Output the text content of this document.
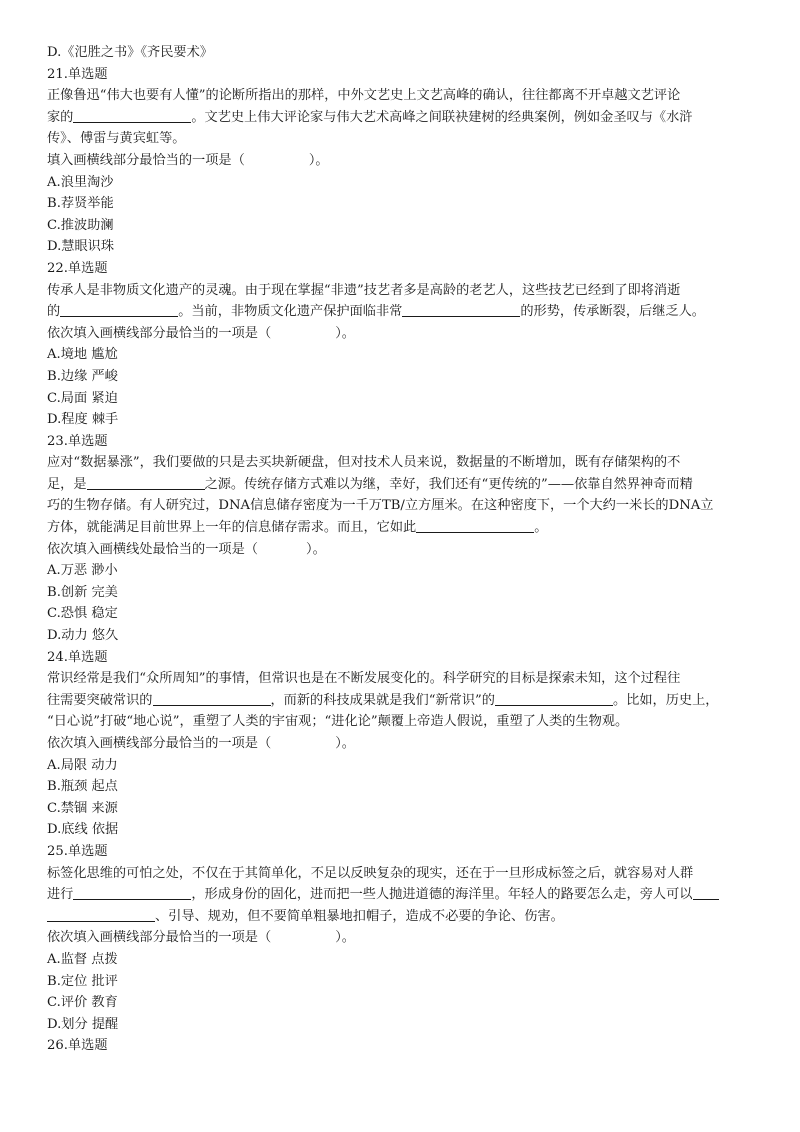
D.《氾胜之书》《齐民要术》
21.单选题
正像鲁迅“伟大也要有人懂”的论断所指出的那样，中外文艺史上文艺高峰的确认，往往都离不开卓越文艺评论
家的	。文艺史上伟大评论家与伟大艺术高峰之间联袂建树的经典案例，例如金圣叹与《水浒
传》、傅雷与黄宾虹等。
填入画横线部分最恰当的一项是（	）。
A.浪里淘沙
B.荐贤举能
C.推波助澜
D.慧眼识珠
22.单选题
传承人是非物质文化遗产的灵魂。由于现在掌握“非遗”技艺者多是高龄的老艺人，这些技艺已经到了即将消逝
的	。当前，非物质文化遗产保护面临非常	的形势，传承断裂，后继乏人。
依次填入画横线部分最恰当的一项是（	）。
A.境地 尴尬
B.边缘 严峻
C.局面 紧迫
D.程度 棘手
23.单选题
应对“数据暴涨”，我们要做的只是去买块新硬盘，但对技术人员来说，数据量的不断增加，既有存储架构的不
足，是	之源。传统存储方式难以为继，幸好，我们还有“更传统的”——依靠自然界神奇而精
巧的生物存储。有人研究过，DNA信息储存密度为一千万TB/立方厘米。在这种密度下，一个大约一米长的DNA立
方体，就能满足目前世界上一年的信息储存需求。而且，它如此	。
依次填入画横线处最恰当的一项是（	）。
A.万恶 渺小
B.创新 完美
C.恐惧 稳定
D.动力 悠久
24.单选题
常识经常是我们“众所周知”的事情，但常识也是在不断发展变化的。科学研究的目标是探索未知，这个过程往
往需要突破常识的	，而新的科技成果就是我们“新常识”的	。比如，历史上，
“日心说”打破“地心说”，重塑了人类的宇宙观；“进化论”颠覆上帝造人假说，重塑了人类的生物观。
依次填入画横线部分最恰当的一项是（	）。
A.局限 动力
B.瓶颈 起点
C.禁锢 来源
D.底线 依据
25.单选题
标签化思维的可怕之处，不仅在于其简单化，不足以反映复杂的现实，还在于一旦形成标签之后，就容易对人群
进行	，形成身份的固化，进而把一些人抛进道德的海洋里。年轻人的路要怎么走，旁人可以
、引导、规劝，但不要简单粗暴地扣帽子，造成不必要的争论、伤害。
依次填入画横线部分最恰当的一项是（	）。
A.监督 点拨
B.定位 批评
C.评价 教育
D.划分 提醒
26.单选题
